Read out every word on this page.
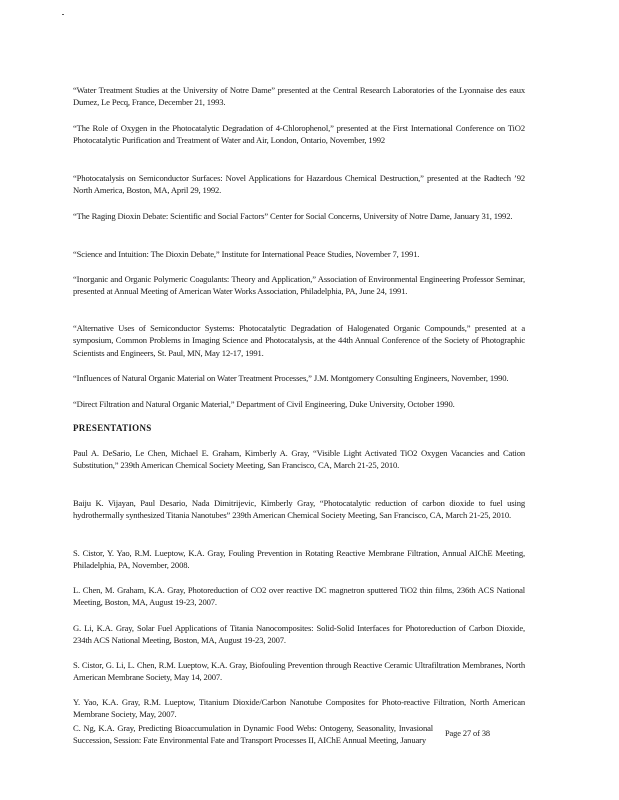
“Water Treatment Studies at the University of Notre Dame” presented at the Central Research Laboratories of the Lyonnaise des eaux Dumez, Le Pecq, France, December 21, 1993.

“The Role of Oxygen in the Photocatalytic Degradation of 4-Chlorophenol,” presented at the First International Conference on TiO2 Photocatalytic Purification and Treatment of Water and Air, London, Ontario, November, 1992

“Photocatalysis on Semiconductor Surfaces: Novel Applications for Hazardous Chemical Destruction,” presented at the Radtech ’92 North America, Boston, MA, April 29, 1992.

“The Raging Dioxin Debate: Scientific and Social Factors” Center for Social Concerns, University of Notre Dame, January 31, 1992.

“Science and Intuition: The Dioxin Debate,” Institute for International Peace Studies, November 7, 1991.

“Inorganic and Organic Polymeric Coagulants: Theory and Application,” Association of Environmental Engineering Professor Seminar, presented at Annual Meeting of American Water Works Association, Philadelphia, PA, June 24, 1991.

“Alternative Uses of Semiconductor Systems: Photocatalytic Degradation of Halogenated Organic Compounds,” presented at a symposium, Common Problems in Imaging Science and Photocatalysis, at the 44th Annual Conference of the Society of Photographic Scientists and Engineers, St. Paul, MN, May 12-17, 1991.

“Influences of Natural Organic Material on Water Treatment Processes,” J.M. Montgomery Consulting Engineers, November, 1990.

“Direct Filtration and Natural Organic Material,” Department of Civil Engineering, Duke University, October 1990.

PRESENTATIONS

Paul A. DeSario, Le Chen, Michael E. Graham, Kimberly A. Gray, “Visible Light Activated TiO2 Oxygen Vacancies and Cation Substitution,” 239th American Chemical Society Meeting, San Francisco, CA, March 21-25, 2010.

Baiju K. Vijayan, Paul Desario, Nada Dimitrijevic, Kimberly Gray, “Photocatalytic reduction of carbon dioxide to fuel using hydrothermally synthesized Titania Nanotubes” 239th American Chemical Society Meeting, San Francisco, CA, March 21-25, 2010.

S. Cistor, Y. Yao, R.M. Lueptow, K.A. Gray, Fouling Prevention in Rotating Reactive Membrane Filtration, Annual AIChE Meeting, Philadelphia, PA, November, 2008.

L. Chen, M. Graham, K.A. Gray, Photoreduction of CO2 over reactive DC magnetron sputtered TiO2 thin films, 236th ACS National Meeting, Boston, MA, August 19-23, 2007.

G. Li, K.A. Gray, Solar Fuel Applications of Titania Nanocomposites: Solid-Solid Interfaces for Photoreduction of Carbon Dioxide, 234th ACS National Meeting, Boston, MA, August 19-23, 2007.

S. Cistor, G. Li, L. Chen, R.M. Lueptow, K.A. Gray, Biofouling Prevention through Reactive Ceramic Ultrafiltration Membranes, North American Membrane Society, May 14, 2007.

Y. Yao, K.A. Gray, R.M. Lueptow, Titanium Dioxide/Carbon Nanotube Composites for Photo-reactive Filtration, North American Membrane Society, May, 2007.

C. Ng, K.A. Gray, Predicting Bioaccumulation in Dynamic Food Webs: Ontogeny, Seasonality, Invasional Succession, Session: Fate Environmental Fate and Transport Processes II, AIChE Annual Meeting, January

Page 27 of 38
